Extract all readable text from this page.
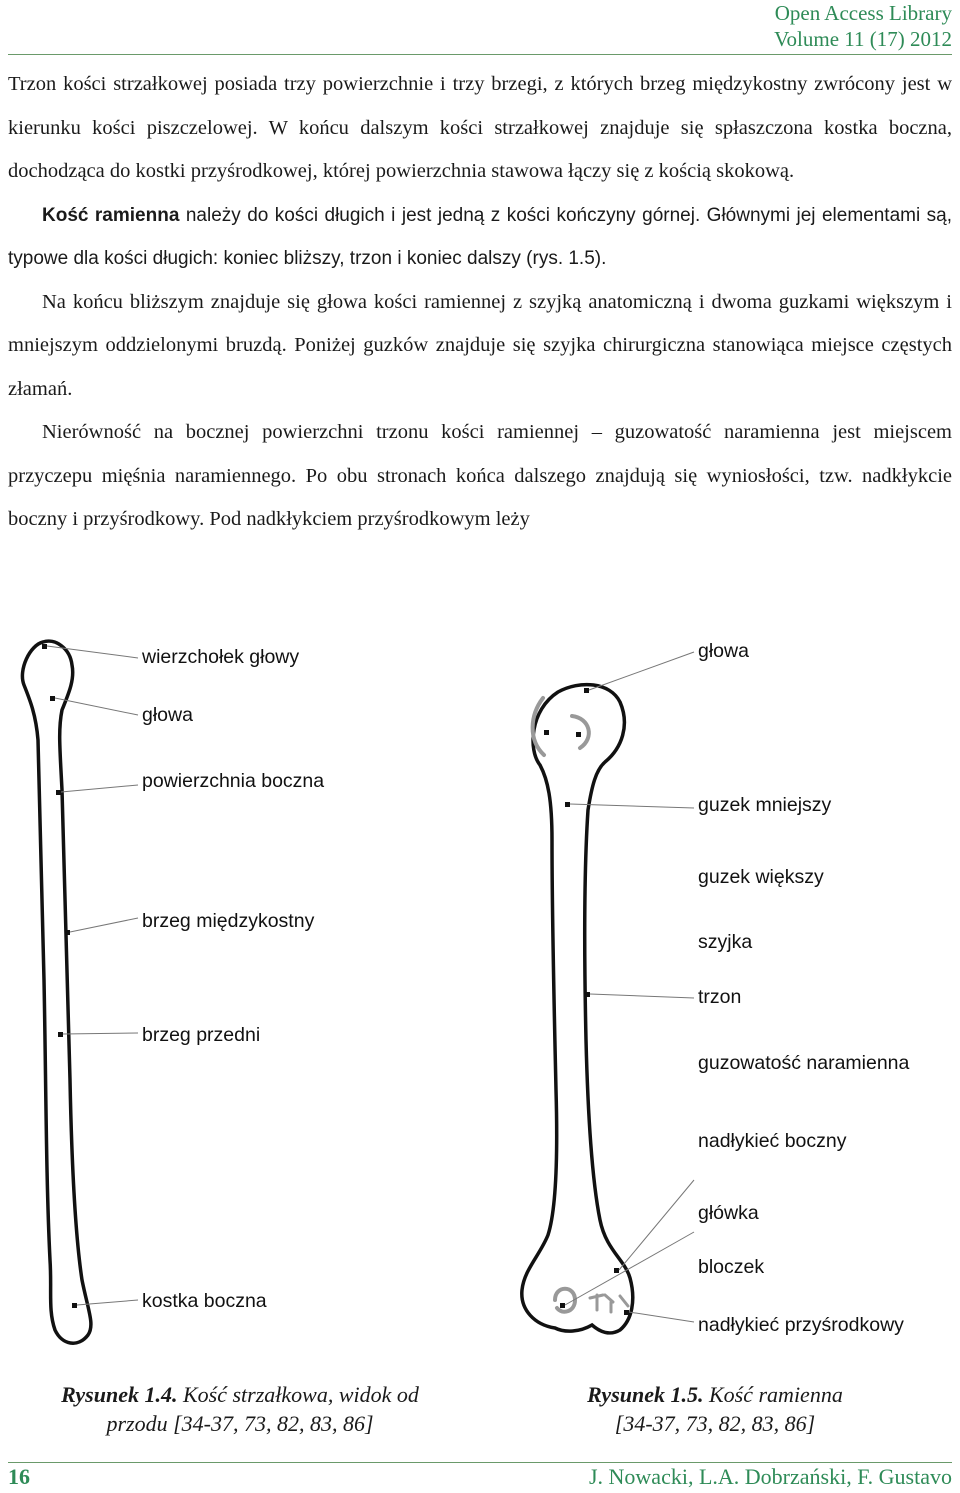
Open Access Library
Volume 11 (17) 2012

Trzon kości strzałkowej posiada trzy powierzchnie i trzy brzegi, z których brzeg międzykostny zwrócony jest w kierunku kości piszczelowej. W końcu dalszym kości strzałkowej znajduje się spłaszczona kostka boczna, dochodząca do kostki przyśrodkowej, której powierzchnia stawowa łączy się z kością skokową.

Kość ramienna należy do kości długich i jest jedną z kości kończyny górnej. Głównymi jej elementami są, typowe dla kości długich: koniec bliższy, trzon i koniec dalszy (rys. 1.5).

Na końcu bliższym znajduje się głowa kości ramiennej z szyjką anatomiczną i dwoma guzkami większym i mniejszym oddzielonymi bruzdą. Poniżej guzków znajduje się szyjka chirurgiczna stanowiąca miejsce częstych złamań.

Nierówność na bocznej powierzchni trzonu kości ramiennej – guzowatość naramienna jest miejscem przyczepu mięśnia naramiennego. Po obu stronach końca dalszego znajdują się wyniosłości, tzw. nadkłykcie boczny i przyśrodkowy. Pod nadkłykciem przyśrodkowym leży

wierzchołek głowy
głowa
powierzchnia boczna
brzeg międzykostny
brzeg przedni
kostka boczna
głowa
guzek mniejszy
guzek większy
szyjka
trzon
guzowatość naramienna
nadłykieć boczny
główka
bloczek
nadłykieć przyśrodkowy
Rysunek 1.4. Kość strzałkowa, widok od
przodu [34-37, 73, 82, 83, 86]
Rysunek 1.5. Kość ramienna
[34-37, 73, 82, 83, 86]
16	J. Nowacki, L.A. Dobrzański, F. Gustavo
